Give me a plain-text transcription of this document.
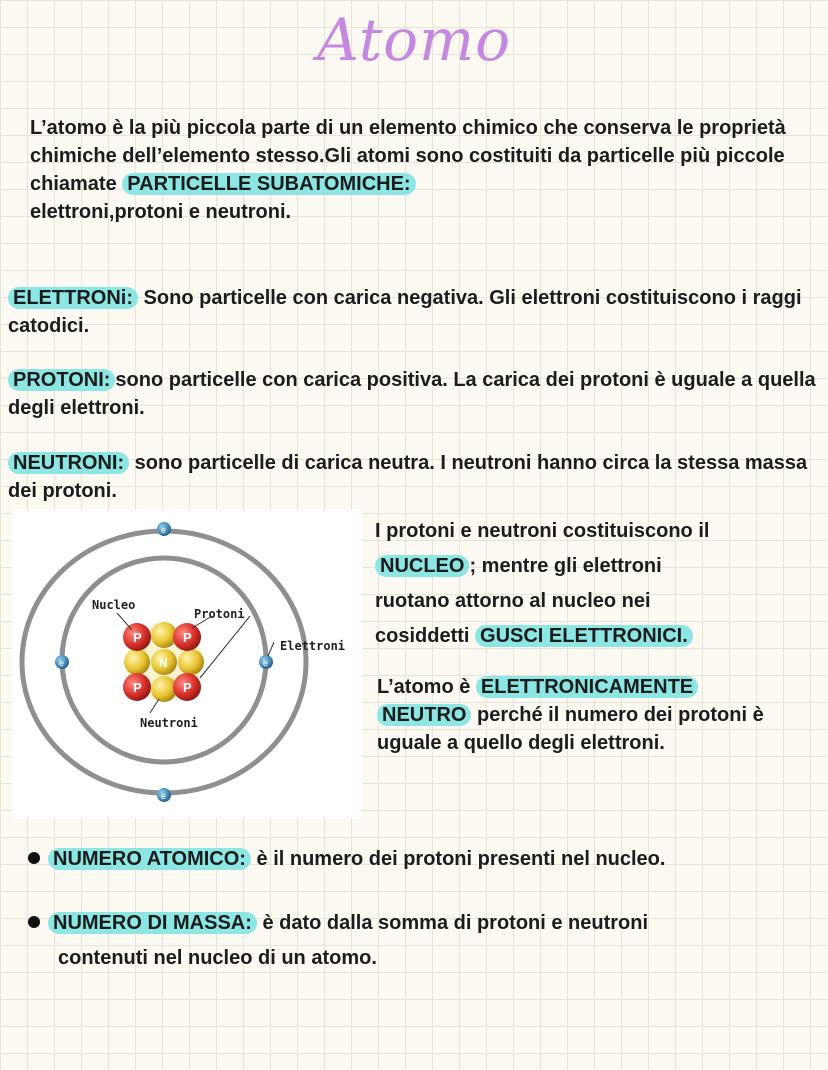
Atomo

L’atomo è la più piccola parte di un elemento chimico che conserva le proprietà chimiche dell’elemento stesso.Gli atomi sono costituiti da particelle più piccole chiamate PARTICELLE SUBATOMICHE:
elettroni,protoni e neutroni.

ELETTRONi: Sono particelle con carica negativa. Gli elettroni costituiscono i raggi catodici.

PROTONI: sono particelle con carica positiva. La carica dei protoni è uguale a quella degli elettroni.

NEUTRONI: sono particelle di carica neutra. I neutroni hanno circa la stessa massa dei protoni.

P	P
P	P
N
e
e
e	e
Nucleo
Protoni
Elettroni
Neutroni

I protoni e neutroni costituiscono il
NUCLEO ; mentre gli elettroni
ruotano attorno al nucleo nei
cosiddetti GUSCI ELETTRONICI.

L’atomo è ELETTRONICAMENTE
NEUTRO perché il numero dei protoni è uguale a quello degli elettroni.

NUMERO ATOMICO: è il numero dei protoni presenti nel nucleo.

NUMERO DI MASSA: è dato dalla somma di protoni e neutroni
contenuti nel nucleo di un atomo.
